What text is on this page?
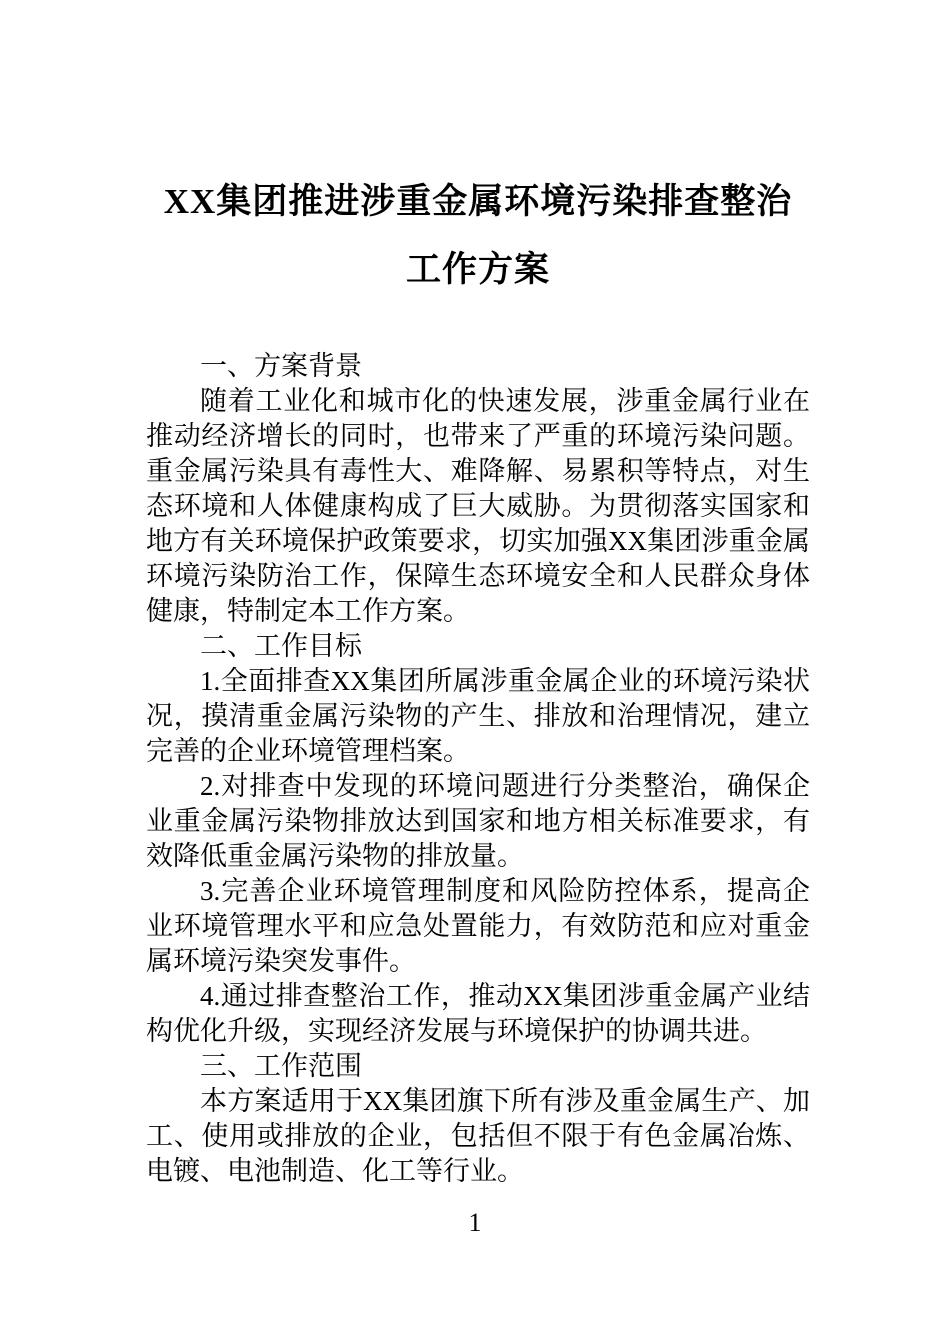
XX集团推进涉重金属环境污染排查整治工作方案

一、方案背景

随着工业化和城市化的快速发展，涉重金属行业在推动经济增长的同时，也带来了严重的环境污染问题。重金属污染具有毒性大、难降解、易累积等特点，对生态环境和人体健康构成了巨大威胁。为贯彻落实国家和地方有关环境保护政策要求，切实加强XX集团涉重金属环境污染防治工作，保障生态环境安全和人民群众身体健康，特制定本工作方案。

二、工作目标

1.全面排查XX集团所属涉重金属企业的环境污染状况，摸清重金属污染物的产生、排放和治理情况，建立完善的企业环境管理档案。

2.对排查中发现的环境问题进行分类整治，确保企业重金属污染物排放达到国家和地方相关标准要求，有效降低重金属污染物的排放量。

3.完善企业环境管理制度和风险防控体系，提高企业环境管理水平和应急处置能力，有效防范和应对重金属环境污染突发事件。

4.通过排查整治工作，推动XX集团涉重金属产业结构优化升级，实现经济发展与环境保护的协调共进。

三、工作范围

本方案适用于XX集团旗下所有涉及重金属生产、加工、使用或排放的企业，包括但不限于有色金属冶炼、电镀、电池制造、化工等行业。

1
